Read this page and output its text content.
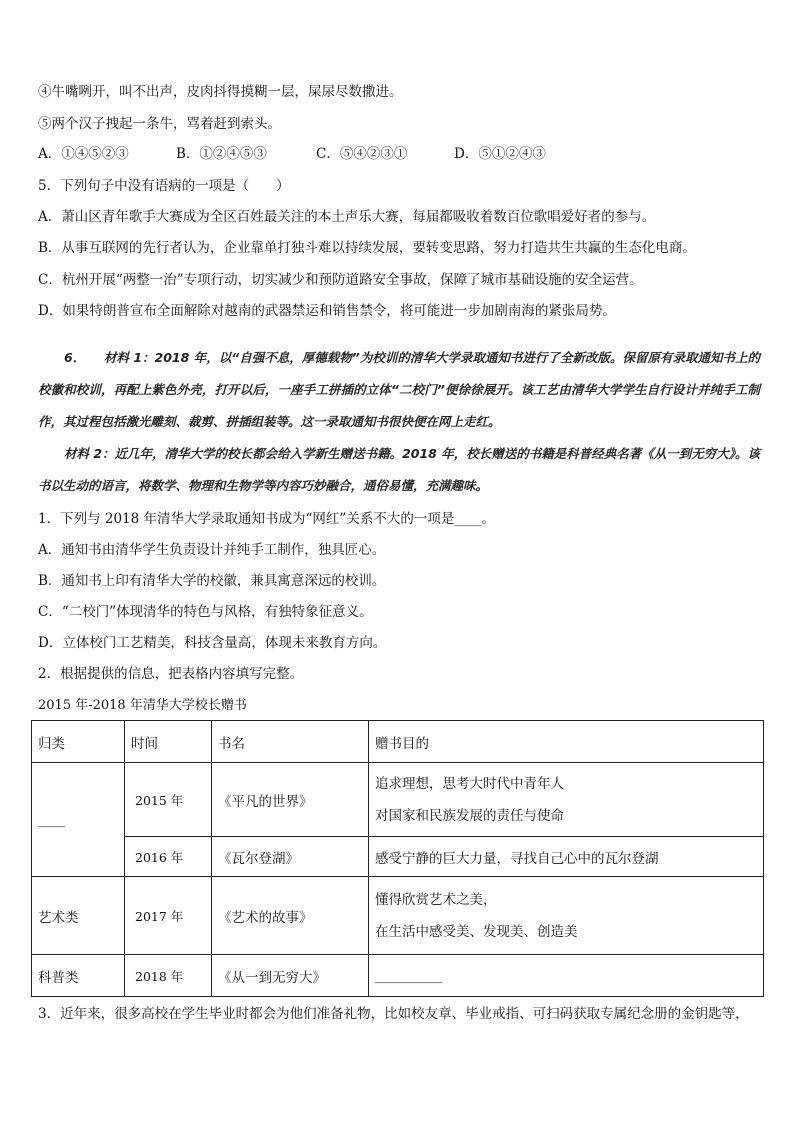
④牛嘴咧开，叫不出声，皮肉抖得摸糊一层，屎尿尽数撒进。
⑤两个汉子拽起一条牛，骂着赶到索头。
A．①④⑤②③	B．①②④⑤③	C．⑤④②③①	D．⑤①②④③
5．下列句子中没有语病的一项是（　　）
A．萧山区青年歌手大赛成为全区百姓最关注的本土声乐大赛，每届都吸收着数百位歌唱爱好者的参与。
B．从事互联网的先行者认为，企业靠单打独斗难以持续发展，要转变思路，努力打造共生共赢的生态化电商。
C．杭州开展“两整一治”专项行动，切实减少和预防道路安全事故，保障了城市基础设施的安全运营。
D．如果特朗普宣布全面解除对越南的武器禁运和销售禁令，将可能进一步加剧南海的紧张局势。

6．　　材料 1：2018 年，以“自强不息，厚德载物”为校训的清华大学录取通知书进行了全新改版。保留原有录取通知书上的校徽和校训，再配上紫色外壳，打开以后，一座手工拼插的立体“二校门”便徐徐展开。该工艺由清华大学学生自行设计并纯手工制作，其过程包括激光雕刻、裁剪、拼插组装等。这一录取通知书很快便在网上走红。

材料 2：近几年，清华大学的校长都会给入学新生赠送书籍。2018 年，校长赠送的书籍是科普经典名著《从一到无穷大》。该书以生动的语言，将数学、物理和生物学等内容巧妙融合，通俗易懂，充满趣味。

1．下列与 2018 年清华大学录取通知书成为“网红”关系不大的一项是____。
A．通知书由清华学生负责设计并纯手工制作，独具匠心。
B．通知书上印有清华大学的校徽，兼具寓意深远的校训。
C．“二校门”体现清华的特色与风格，有独特象征意义。
D．立体校门工艺精美，科技含量高，体现未来教育方向。
2．根据提供的信息，把表格内容填写完整。
2015 年-2018 年清华大学校长赠书
归类	时间	书名	赠书目的
____	2015 年	《平凡的世界》	追求理想，思考大时代中青年人
对国家和民族发展的责任与使命

	2016 年	《瓦尔登湖》	感受宁静的巨大力量，寻找自己心中的瓦尔登湖
艺术类	2017 年	《艺术的故事》	懂得欣赏艺术之美，
在生活中感受美、发现美、创造美

科普类	2018 年	《从一到无穷大》	__________
3．近年来，很多高校在学生毕业时都会为他们准备礼物，比如校友章、毕业戒指、可扫码获取专属纪念册的金钥匙等，
